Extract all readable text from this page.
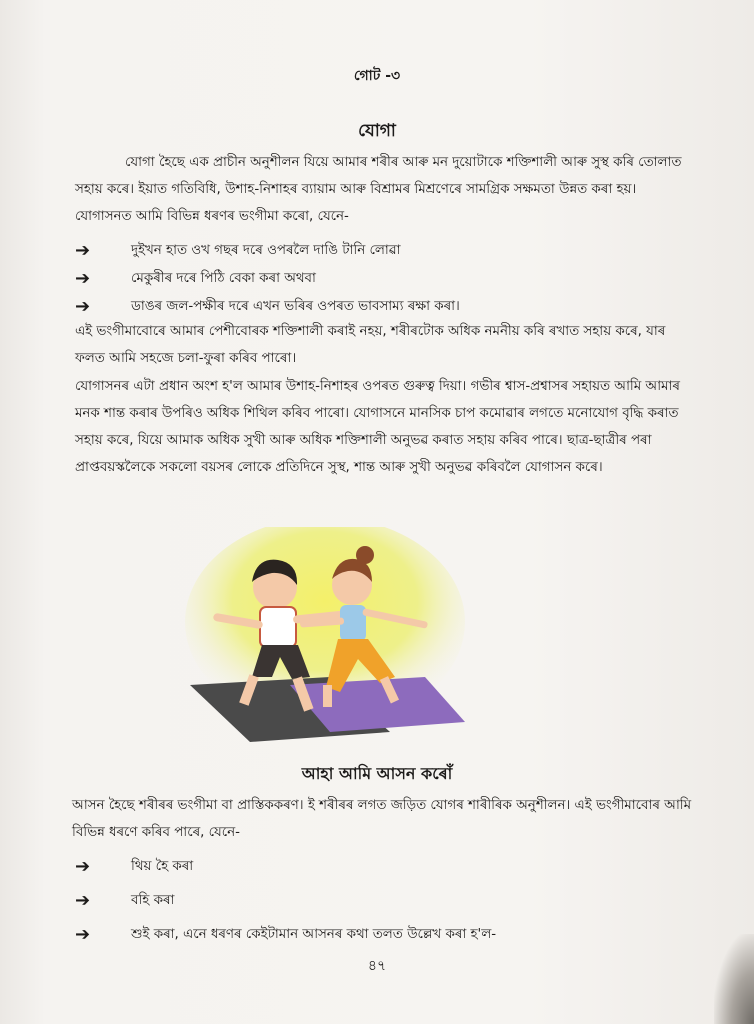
গোট -৩
যোগা

যোগা হৈছে এক প্ৰাচীন অনুশীলন যিয়ে আমাৰ শৰীৰ আৰু মন দুয়োটাকে শক্তিশালী আৰু সুস্থ কৰি তোলাত সহায় কৰে। ইয়াত গতিবিধি, উশাহ-নিশাহৰ ব্যায়াম আৰু বিশ্ৰামৰ মিশ্ৰণেৰে সামগ্ৰিক সক্ষমতা উন্নত কৰা হয়। যোগাসনত আমি বিভিন্ন ধৰণৰ ভংগীমা কৰো, যেনে-

➔	দুইখন হাত ওখ গছৰ দৰে ওপৰলৈ দাঙি টানি লোৱা
➔	মেকুৰীৰ দৰে পিঠি বেকা কৰা অথবা
➔	ডাঙৰ জল-পক্ষীৰ দৰে এখন ভৰিৰ ওপৰত ভাবসাম্য ৰক্ষা কৰা।

এই ভংগীমাবোৰে আমাৰ পেশীবোৰক শক্তিশালী কৰাই নহয়, শৰীৰটোক অধিক নমনীয় কৰি ৰখাত সহায় কৰে, যাৰ ফলত আমি সহজে চলা-ফুৰা কৰিব পাৰো।

যোগাসনৰ এটা প্ৰধান অংশ হ'ল আমাৰ উশাহ-নিশাহৰ ওপৰত গুৰুত্ব দিয়া। গভীৰ শ্বাস-প্ৰশ্বাসৰ সহায়ত আমি আমাৰ মনক শান্ত কৰাৰ উপৰিও অধিক শিথিল কৰিব পাৰো। যোগাসনে মানসিক চাপ কমোৱাৰ লগতে মনোযোগ বৃদ্ধি কৰাত সহায় কৰে, যিয়ে আমাক অধিক সুখী আৰু অধিক শক্তিশালী অনুভৱ কৰাত সহায় কৰিব পাৰে। ছাত্ৰ-ছাত্ৰীৰ পৰা প্ৰাপ্তবয়স্কলৈকে সকলো বয়সৰ লোকে প্ৰতিদিনে সুস্থ, শান্ত আৰু সুখী অনুভৱ কৰিবলৈ যোগাসন কৰে।

আহা আমি আসন কৰোঁ

আসন হৈছে শৰীৰৰ ভংগীমা বা প্ৰাস্তিককৰণ। ই শৰীৰৰ লগত জড়িত যোগৰ শাৰীৰিক অনুশীলন। এই ভংগীমাবোৰ আমি বিভিন্ন ধৰণে কৰিব পাৰে, যেনে-

➔	থিয় হৈ কৰা
➔	বহি কৰা
➔	শুই কৰা, এনে ধৰণৰ কেইটামান আসনৰ কথা তলত উল্লেখ কৰা হ'ল-
৪৭
